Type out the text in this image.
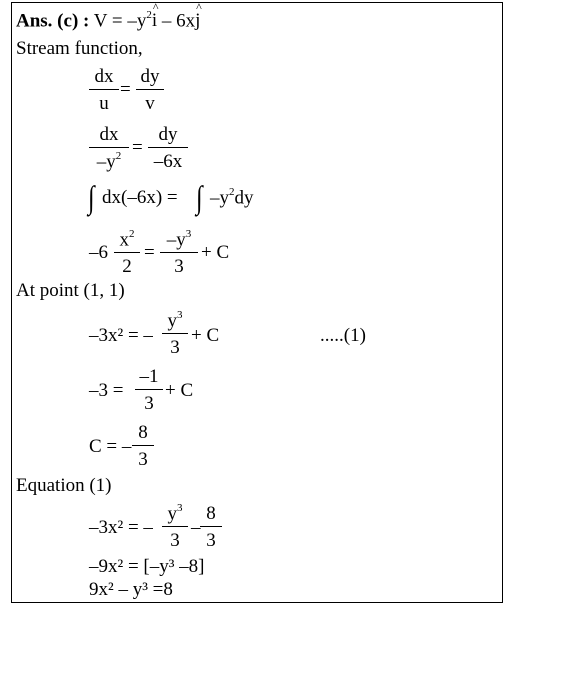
Ans. (c) : $V = -y^2\^{}$ i – 6x^ j
Stream function,
$\frac{dx}{u} = \frac{dy}{v}$
$\frac{dx}{-y^2} = \frac{dy}{-6x}$
∫ dx(–6x) = ∫ $-y^2dy$
$-6 \frac{x^2}{2} = \frac{-y^3}{3} + C$
At point (1, 1)
–3x² = – $\frac{y^3}{3} + C$	.....(1)
$-3 = \frac{-1}{3} + C$
C = – $\frac{8}{3}$
Equation (1)
–3x² = – $\frac{y^3}{3} - \frac{8}{3}$
–9x² = [–y³ –8]
9x² – y³ =8
